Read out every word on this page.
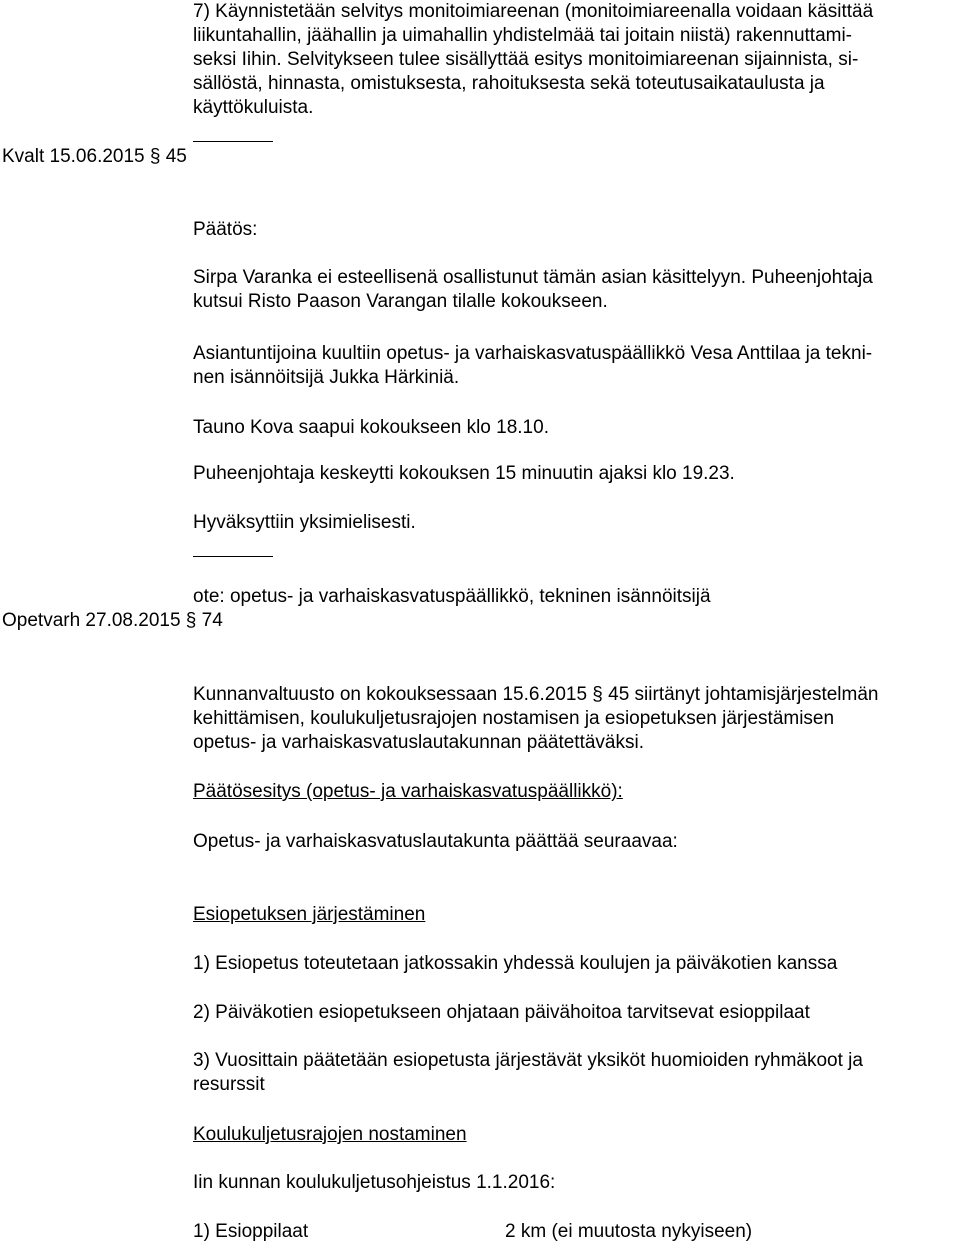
7) Käynnistetään selvitys monitoimiareenan (monitoimiareenalla voidaan käsittää

liikuntahallin, jäähallin ja uimahallin yhdistelmää tai joitain niistä) rakennuttami-

seksi Iihin. Selvitykseen tulee sisällyttää esitys monitoimiareenan sijainnista, si-

sällöstä, hinnasta, omistuksesta, rahoituksesta sekä toteutusaikataulusta ja

käyttökuluista.

Kvalt 15.06.2015 § 45

Päätös:

Sirpa Varanka ei esteellisenä osallistunut tämän asian käsittelyyn. Puheenjohtaja

kutsui Risto Paason Varangan tilalle kokoukseen.

Asiantuntijoina kuultiin opetus- ja varhaiskasvatuspäällikkö Vesa Anttilaa ja tekni-

nen isännöitsijä Jukka Härkiniä.

Tauno Kova saapui kokoukseen klo 18.10.

Puheenjohtaja keskeytti kokouksen 15 minuutin ajaksi klo 19.23.

Hyväksyttiin yksimielisesti.

ote: opetus- ja varhaiskasvatuspäällikkö, tekninen isännöitsijä

Opetvarh 27.08.2015 § 74

Kunnanvaltuusto on kokouksessaan 15.6.2015 § 45 siirtänyt johtamisjärjestelmän

kehittämisen, koulukuljetusrajojen nostamisen ja esiopetuksen järjestämisen

opetus- ja varhaiskasvatuslautakunnan päätettäväksi.

Päätösesitys (opetus- ja varhaiskasvatuspäällikkö):

Opetus- ja varhaiskasvatuslautakunta päättää seuraavaa:

Esiopetuksen järjestäminen

1) Esiopetus toteutetaan jatkossakin yhdessä koulujen ja päiväkotien kanssa

2) Päiväkotien esiopetukseen ohjataan päivähoitoa tarvitsevat esioppilaat

3) Vuosittain päätetään esiopetusta järjestävät yksiköt huomioiden ryhmäkoot ja

resurssit

Koulukuljetusrajojen nostaminen

Iin kunnan koulukuljetusohjeistus 1.1.2016:

1) Esioppilaat	2 km (ei muutosta nykyiseen)
